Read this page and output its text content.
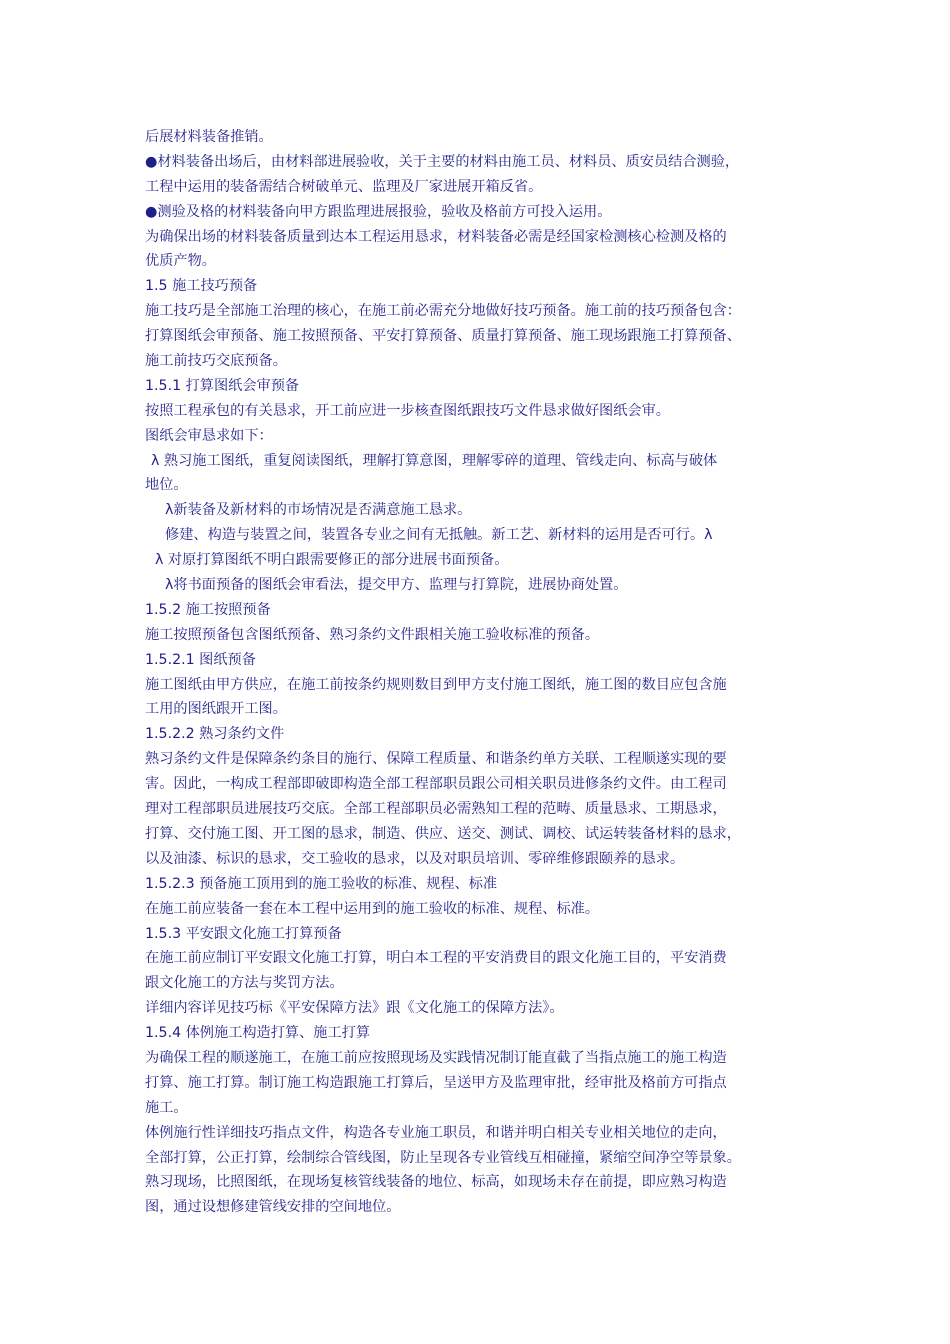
后展材料装备推销。
●材料装备出场后，由材料部进展验收，关于主要的材料由施工员、材料员、质安员结合测验，
工程中运用的装备需结合树破单元、监理及厂家进展开箱反省。
●测验及格的材料装备向甲方跟监理进展报验，验收及格前方可投入运用。
为确保出场的材料装备质量到达本工程运用恳求，材料装备必需是经国家检测核心检测及格的
优质产物。
1.5 施工技巧预备
施工技巧是全部施工治理的核心，在施工前必需充分地做好技巧预备。施工前的技巧预备包含：
打算图纸会审预备、施工按照预备、平安打算预备、质量打算预备、施工现场跟施工打算预备、
施工前技巧交底预备。
1.5.1 打算图纸会审预备
按照工程承包的有关恳求，开工前应进一步核查图纸跟技巧文件恳求做好图纸会审。
图纸会审恳求如下：
λ 熟习施工图纸，重复阅读图纸，理解打算意图，理解零碎的道理、管线走向、标高与破体
地位。
λ新装备及新材料的市场情况是否满意施工恳求。
修建、构造与装置之间，装置各专业之间有无抵触。新工艺、新材料的运用是否可行。λ
λ 对原打算图纸不明白跟需要修正的部分进展书面预备。
λ将书面预备的图纸会审看法，提交甲方、监理与打算院，进展协商处置。
1.5.2 施工按照预备
施工按照预备包含图纸预备、熟习条约文件跟相关施工验收标准的预备。
1.5.2.1 图纸预备
施工图纸由甲方供应，在施工前按条约规则数目到甲方支付施工图纸，施工图的数目应包含施
工用的图纸跟开工图。
1.5.2.2 熟习条约文件
熟习条约文件是保障条约条目的施行、保障工程质量、和谐条约单方关联、工程顺遂实现的要
害。因此，一构成工程部即破即构造全部工程部职员跟公司相关职员进修条约文件。由工程司
理对工程部职员进展技巧交底。全部工程部职员必需熟知工程的范畴、质量恳求、工期恳求，
打算、交付施工图、开工图的恳求，制造、供应、送交、测试、调校、试运转装备材料的恳求，
以及油漆、标识的恳求，交工验收的恳求，以及对职员培训、零碎维修跟颐养的恳求。
1.5.2.3 预备施工顶用到的施工验收的标准、规程、标准
在施工前应装备一套在本工程中运用到的施工验收的标准、规程、标准。
1.5.3 平安跟文化施工打算预备
在施工前应制订平安跟文化施工打算，明白本工程的平安消费目的跟文化施工目的，平安消费
跟文化施工的方法与奖罚方法。
详细内容详见技巧标《平安保障方法》跟《文化施工的保障方法》。
1.5.4 体例施工构造打算、施工打算
为确保工程的顺遂施工，在施工前应按照现场及实践情况制订能直截了当指点施工的施工构造
打算、施工打算。制订施工构造跟施工打算后，呈送甲方及监理审批，经审批及格前方可指点
施工。
体例施行性详细技巧指点文件，构造各专业施工职员，和谐并明白相关专业相关地位的走向，
全部打算，公正打算，绘制综合管线图，防止呈现各专业管线互相碰撞，紧缩空间净空等景象。
熟习现场，比照图纸，在现场复核管线装备的地位、标高，如现场未存在前提，即应熟习构造
图，通过设想修建管线安排的空间地位。
